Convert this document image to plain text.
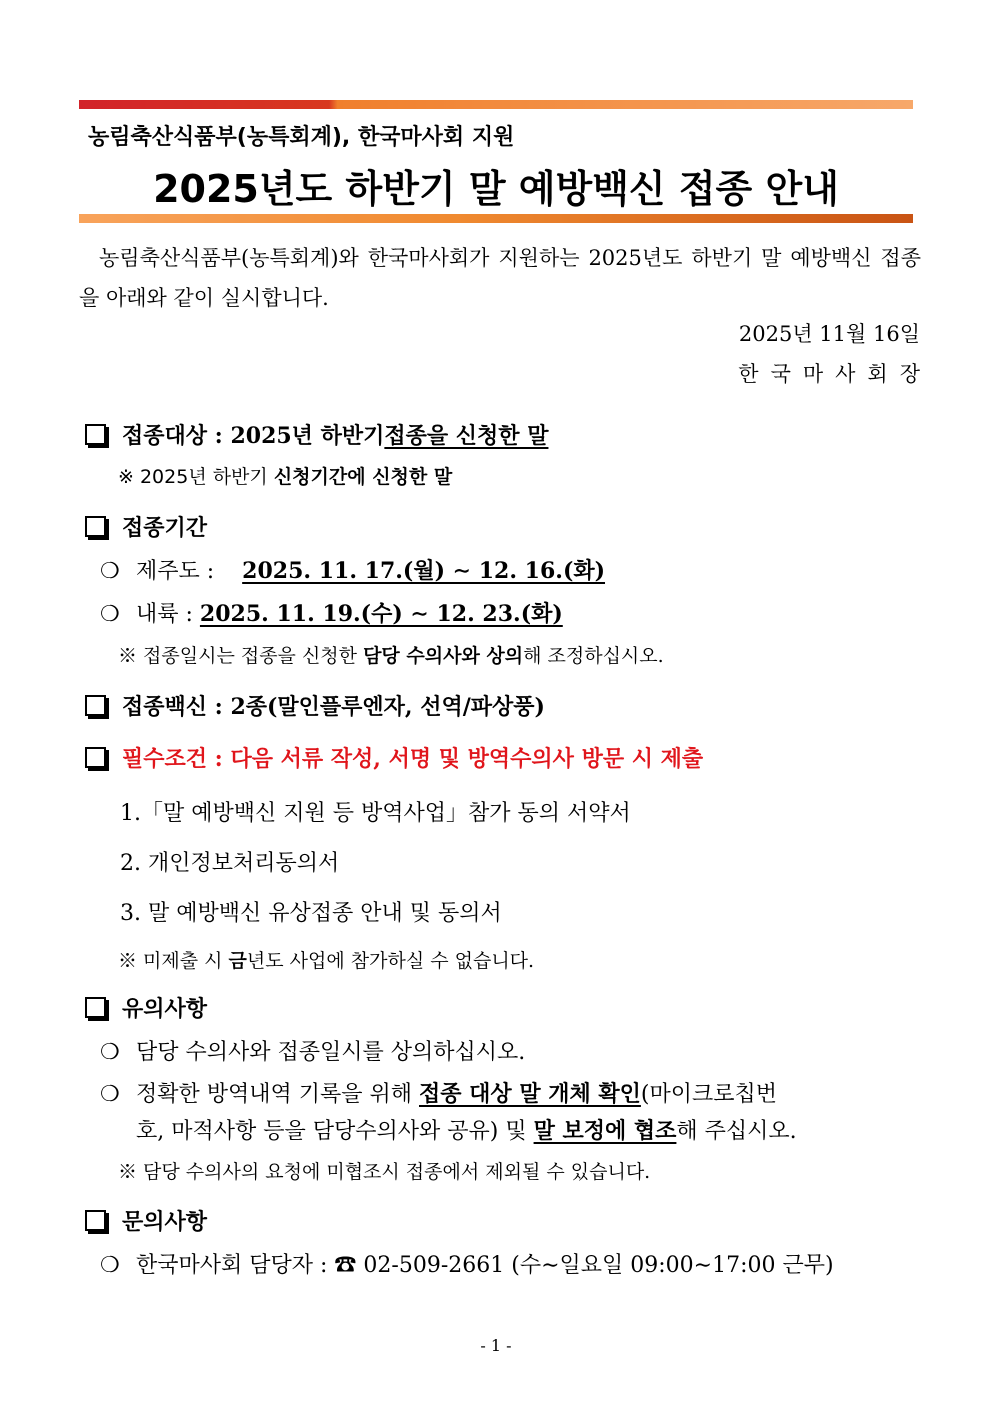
농림축산식품부(농특회계), 한국마사회 지원
2025년도 하반기 말 예방백신 접종 안내
농림축산식품부(농특회계)와 한국마사회가 지원하는 2025년도 하반기 말 예방백신 접종을 아래와 같이 실시합니다.
2025년 11월 16일
한국마사회장
접종대상 : 2025년 하반기 접종을 신청한 말
※ 2025년 하반기 신청기간에 신청한 말
접종기간
❍ 제주도 : 2025. 11. 17.(월) ∼ 12. 16.(화)
❍ 내륙 : 2025. 11. 19.(수) ∼ 12. 23.(화)
※ 접종일시는 접종을 신청한 담당 수의사와 상의해 조정하십시오.
접종백신 : 2종(말인플루엔자, 선역/파상풍)
필수조건 : 다음 서류 작성, 서명 및 방역수의사 방문 시 제출
1.「말 예방백신 지원 등 방역사업」참가 동의 서약서
2. 개인정보처리동의서
3. 말 예방백신 유상접종 안내 및 동의서
※ 미제출 시 금년도 사업에 참가하실 수 없습니다.
유의사항
❍ 담당 수의사와 접종일시를 상의하십시오.
❍ 정확한 방역내역 기록을 위해 접종 대상 말 개체 확인(마이크로칩번
호, 마적사항 등을 담당수의사와 공유) 및 말 보정에 협조해 주십시오.
※ 담당 수의사의 요청에 미협조시 접종에서 제외될 수 있습니다.
문의사항
❍ 한국마사회 담당자 : ☎ 02-509-2661 (수∼일요일 09:00∼17:00 근무)
- 1 -
